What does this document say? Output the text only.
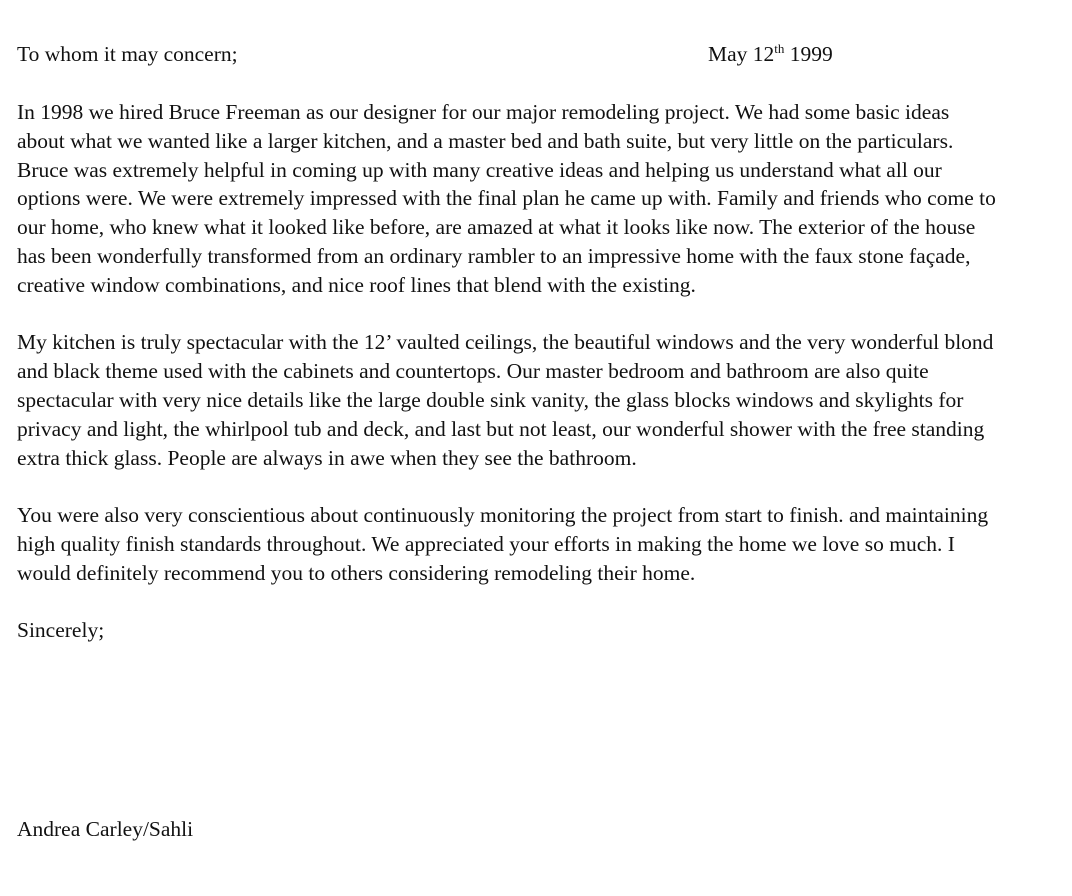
To whom it may concern;	May 12th 1999

In 1998 we hired Bruce Freeman as our designer for our major remodeling project. We had some basic ideas about what we wanted like a larger kitchen, and a master bed and bath suite, but very little on the particulars. Bruce was extremely helpful in coming up with many creative ideas and helping us understand what all our options were. We were extremely impressed with the final plan he came up with. Family and friends who come to our home, who knew what it looked like before, are amazed at what it looks like now. The exterior of the house has been wonderfully transformed from an ordinary rambler to an impressive home with the faux stone façade, creative window combinations, and nice roof lines that blend with the existing.

My kitchen is truly spectacular with the 12’ vaulted ceilings, the beautiful windows and the very wonderful blond and black theme used with the cabinets and countertops. Our master bedroom and bathroom are also quite spectacular with very nice details like the large double sink vanity, the glass blocks windows and skylights for privacy and light, the whirlpool tub and deck, and last but not least, our wonderful shower with the free standing extra thick glass. People are always in awe when they see the bathroom.

You were also very conscientious about continuously monitoring the project from start to finish. and maintaining high quality finish standards throughout. We appreciated your efforts in making the home we love so much. I would definitely recommend you to others considering remodeling their home.

Sincerely;

Andrea Carley/Sahli
